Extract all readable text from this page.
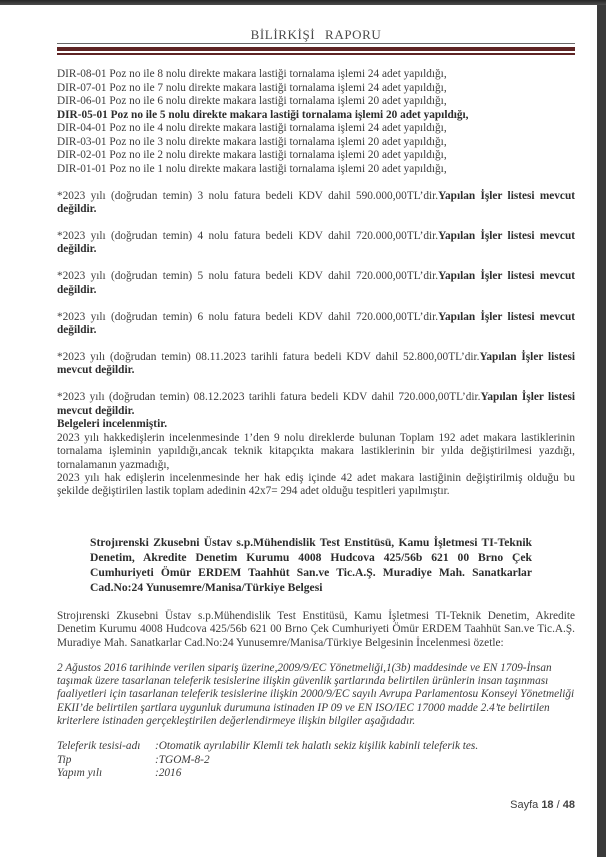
BİLİRKİŞİ RAPORU
DIR-08-01 Poz no ile 8 nolu direkte makara lastiği tornalama işlemi 24 adet yapıldığı,
DIR-07-01 Poz no ile 7 nolu direkte makara lastiği tornalama işlemi 24 adet yapıldığı,
DIR-06-01 Poz no ile 6 nolu direkte makara lastiği tornalama işlemi 20 adet yapıldığı,
DIR-05-01 Poz no ile 5 nolu direkte makara lastiği tornalama işlemi 20 adet yapıldığı,
DIR-04-01 Poz no ile 4 nolu direkte makara lastiği tornalama işlemi 24 adet yapıldığı,
DIR-03-01 Poz no ile 3 nolu direkte makara lastiği tornalama işlemi 20 adet yapıldığı,
DIR-02-01 Poz no ile 2 nolu direkte makara lastiği tornalama işlemi 20 adet yapıldığı,
DIR-01-01 Poz no ile 1 nolu direkte makara lastiği tornalama işlemi 20 adet yapıldığı,

*2023 yılı (doğrudan temin) 3 nolu fatura bedeli KDV dahil 590.000,00TL’dir.Yapılan İşler listesi mevcut değildir.

*2023 yılı (doğrudan temin) 4 nolu fatura bedeli KDV dahil 720.000,00TL’dir.Yapılan İşler listesi mevcut değildir.

*2023 yılı (doğrudan temin) 5 nolu fatura bedeli KDV dahil 720.000,00TL’dir.Yapılan İşler listesi mevcut değildir.

*2023 yılı (doğrudan temin) 6 nolu fatura bedeli KDV dahil 720.000,00TL’dir.Yapılan İşler listesi mevcut değildir.

*2023 yılı (doğrudan temin) 08.11.2023 tarihli fatura bedeli KDV dahil 52.800,00TL’dir.Yapılan İşler listesi mevcut değildir.

*2023 yılı (doğrudan temin) 08.12.2023 tarihli fatura bedeli KDV dahil 720.000,00TL’dir.Yapılan İşler listesi mevcut değildir.

Belgeleri incelenmiştir.

2023 yılı hakkedişlerin incelenmesinde 1’den 9 nolu direklerde bulunan Toplam 192 adet makara lastiklerinin tornalama işleminin yapıldığı,ancak teknik kitapçıkta makara lastiklerinin bir yılda değiştirilmesi yazdığı, tornalamanın yazmadığı,

2023 yılı hak edişlerin incelenmesinde her hak ediş içinde 42 adet makara lastiğinin değiştirilmiş olduğu bu şekilde değiştirilen lastik toplam adedinin 42x7= 294 adet olduğu tespitleri yapılmıştır.

Strojırenski Zkusebni Üstav s.p.Mühendislik Test Enstitüsü, Kamu İşletmesi TI-Teknik Denetim, Akredite Denetim Kurumu 4008 Hudcova 425/56b 621 00 Brno Çek Cumhuriyeti Ömür ERDEM Taahhüt San.ve Tic.A.Ş. Muradiye Mah. Sanatkarlar Cad.No:24 Yunusemre/Manisa/Türkiye Belgesi

Strojırenski Zkusebni Üstav s.p.Mühendislik Test Enstitüsü, Kamu İşletmesi TI-Teknik Denetim, Akredite Denetim Kurumu 4008 Hudcova 425/56b 621 00 Brno Çek Cumhuriyeti Ömür ERDEM Taahhüt San.ve Tic.A.Ş. Muradiye Mah. Sanatkarlar Cad.No:24 Yunusemre/Manisa/Türkiye Belgesinin İncelenmesi özetle:

2 Ağustos 2016 tarihinde verilen sipariş üzerine,2009/9/EC Yönetmeliği,1(3b) maddesinde ve EN 1709-İnsan taşımak üzere tasarlanan teleferik tesislerine ilişkin güvenlik şartlarında belirtilen ürünlerin insan taşınması faaliyetleri için tasarlanan teleferik tesislerine ilişkin 2000/9/EC sayılı Avrupa Parlamentosu Konseyi Yönetmeliği EKII’de belirtilen şartlara uygunluk durumuna istinaden IP 09 ve EN ISO/IEC 17000 madde 2.4’te belirtilen kriterlere istinaden gerçekleştirilen değerlendirmeye ilişkin bilgiler aşağıdadır.

Teleferik tesisi-adı :Otomatik ayrılabilir Klemli tek halatlı sekiz kişilik kabinli teleferik tes.
Tip	:TGOM-8-2
Yapım yılı	:2016
Sayfa 18 / 48
